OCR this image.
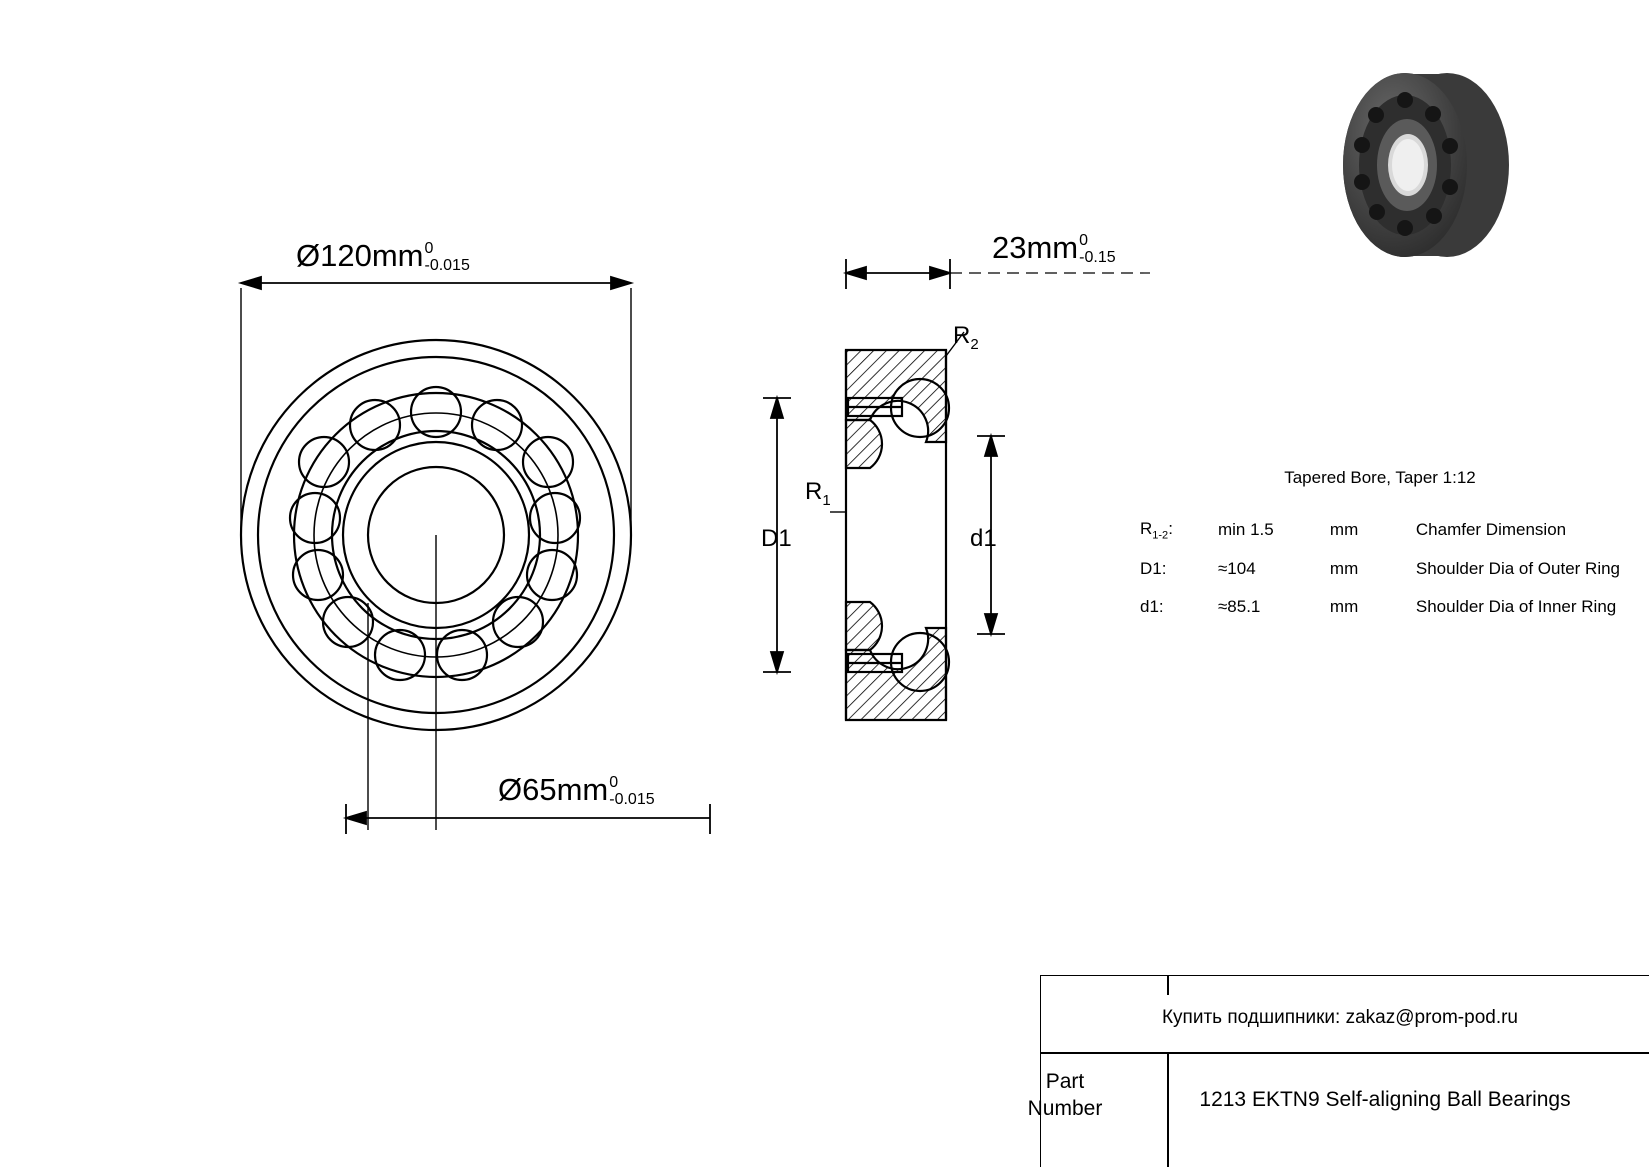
Ø120mm 0
-0.015
Ø65mm 0
-0.015
23mm 0
-0.15
D1	d1
$R_1$
$R_2$
Tapered Bore, Taper 1:12
$R_{1-2}$:	min 1.5	mm	Chamfer Dimension
D1:	≈104	mm	Shoulder Dia of Outer Ring
d1:	≈85.1	mm	Shoulder Dia of Inner Ring
Купить подшипники: zakaz@prom-pod.ru
Part
Number	1213 EKTN9 Self-aligning Ball Bearings
